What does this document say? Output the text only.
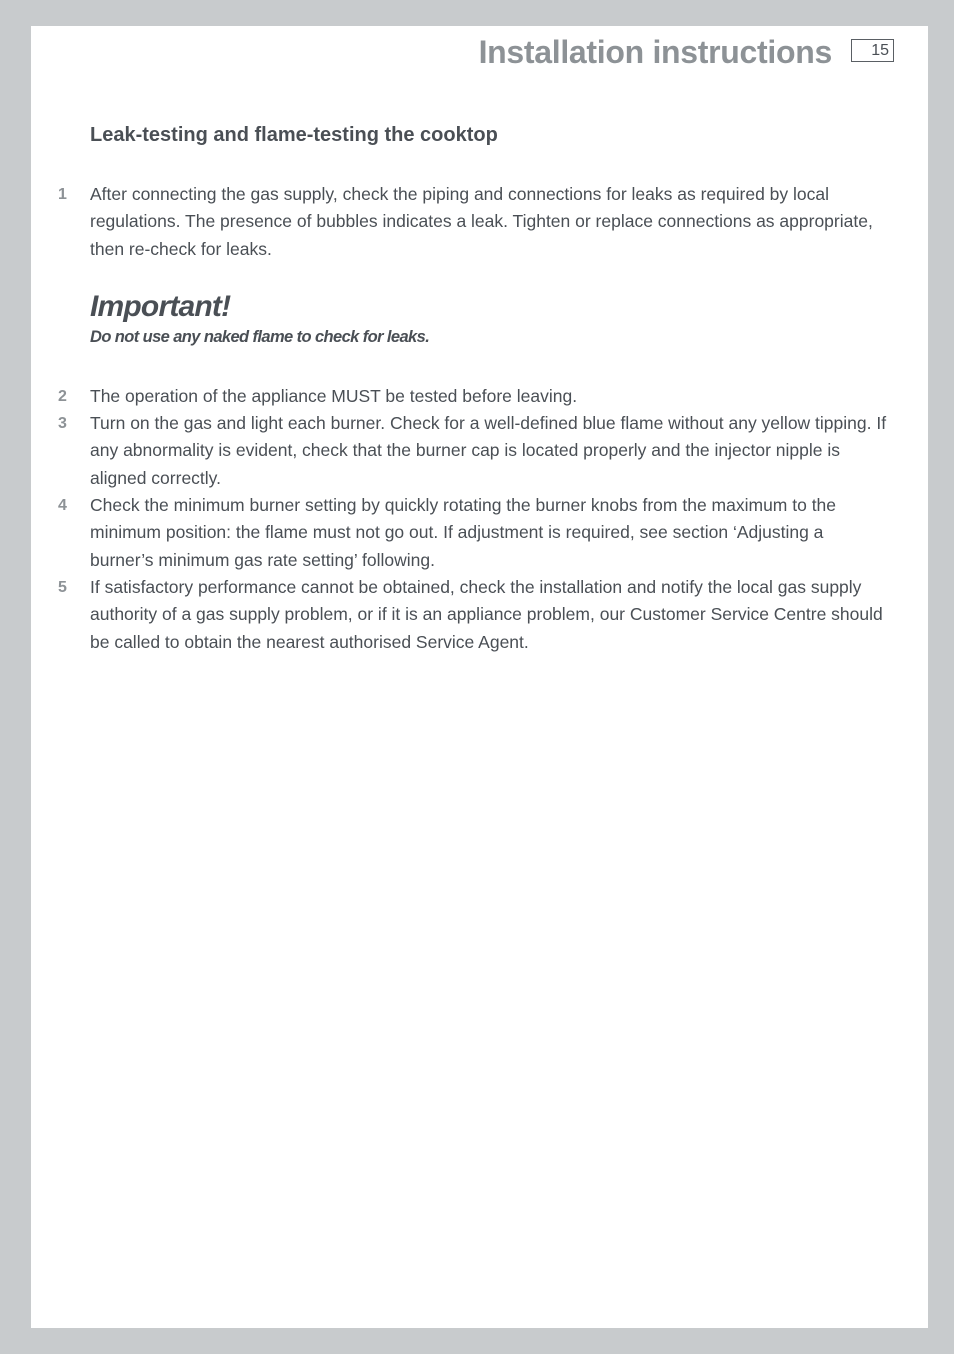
Installation instructions	15
Leak-testing and flame-testing the cooktop
1 After connecting the gas supply, check the piping and connections for leaks as required by local regulations. The presence of bubbles indicates a leak. Tighten or replace connections as appropriate, then re-check for leaks.
Important!
Do not use any naked flame to check for leaks.
2 The operation of the appliance MUST be tested before leaving.
3 Turn on the gas and light each burner. Check for a well-defined blue flame without any yellow tipping. If any abnormality is evident, check that the burner cap is located properly and the injector nipple is aligned correctly.
4 Check the minimum burner setting by quickly rotating the burner knobs from the maximum to the minimum position: the flame must not go out. If adjustment is required, see section ‘Adjusting a burner’s minimum gas rate setting’ following.
5 If satisfactory performance cannot be obtained, check the installation and notify the local gas supply authority of a gas supply problem, or if it is an appliance problem, our Customer Service Centre should be called to obtain the nearest authorised Service Agent.
